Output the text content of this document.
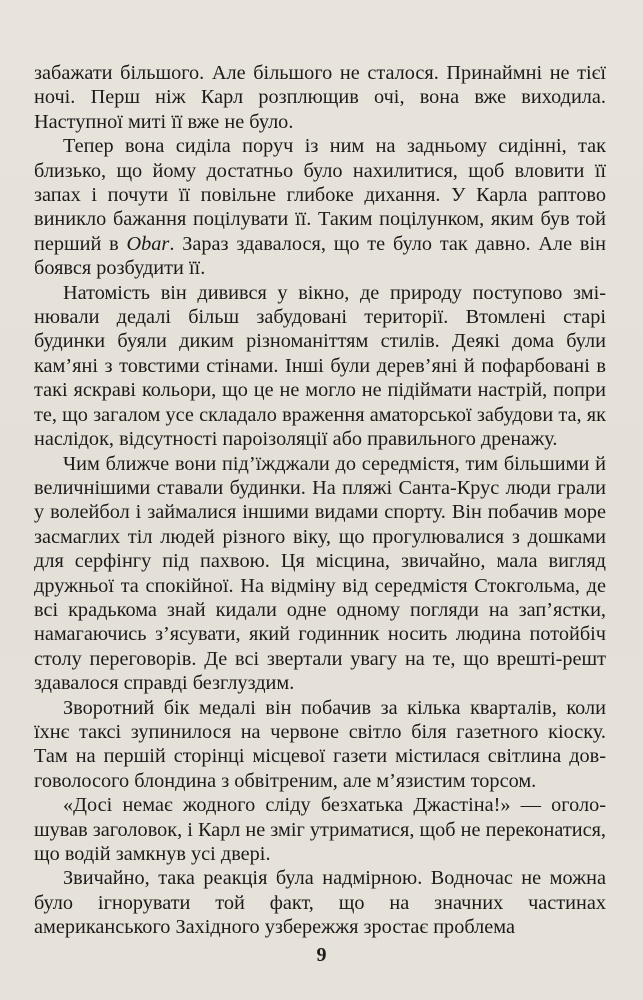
забажати більшого. Але більшого не сталося. Принаймні не тієї ночі. Перш ніж Карл розплющив очі, вона вже виходила. Наступної миті її вже не було.

Тепер вона сиділа поруч із ним на задньому сидінні, так близько, що йому достатньо було нахилитися, щоб вловити її запах і почути її повільне глибоке дихання. У Карла раптово виникло бажання поцілувати її. Таким поцілунком, яким був той перший в Obar. Зараз здавалося, що те було так давно. Але він боявся розбудити її.

Натомість він дивився у вікно, де природу поступово змінювали дедалі більш забудовані території. Втомлені старі будинки буяли диким різноманіттям стилів. Деякі дома були кам’яні з товстими стінами. Інші були дерев’яні й пофарбовані в такі яскраві кольори, що це не могло не підіймати настрій, попри те, що загалом усе складало враження аматорської забудови та, як наслідок, відсутності пароізоляції або правильного дренажу.

Чим ближче вони під’їжджали до середмістя, тим більшими й величнішими ставали будинки. На пляжі Санта-Крус люди грали у волейбол і займалися іншими видами спорту. Він побачив море засмаглих тіл людей різного віку, що прогулювалися з дошками для серфінгу під пахвою. Ця місцина, звичайно, мала вигляд дружньої та спокійної. На відміну від середмістя Стокгольма, де всі крадькома знай кидали одне одному погляди на зап’ястки, намагаючись з’ясувати, який годинник носить людина потойбіч столу переговорів. Де всі звертали увагу на те, що врешті-решт здавалося справді безглуздим.

Зворотний бік медалі він побачив за кілька кварталів, коли їхнє таксі зупинилося на червоне світло біля газетного кіоску. Там на першій сторінці місцевої газети містилася світлина довговолосого блондина з обвітреним, але м’язистим торсом.

«Досі немає жодного сліду безхатька Джастіна!» — оголошував заголовок, і Карл не зміг утриматися, щоб не переконатися, що водій замкнув усі двері.

Звичайно, така реакція була надмірною. Водночас не можна було ігнорувати той факт, що на значних частинах американського Західного узбережжя зростає проблема

9
